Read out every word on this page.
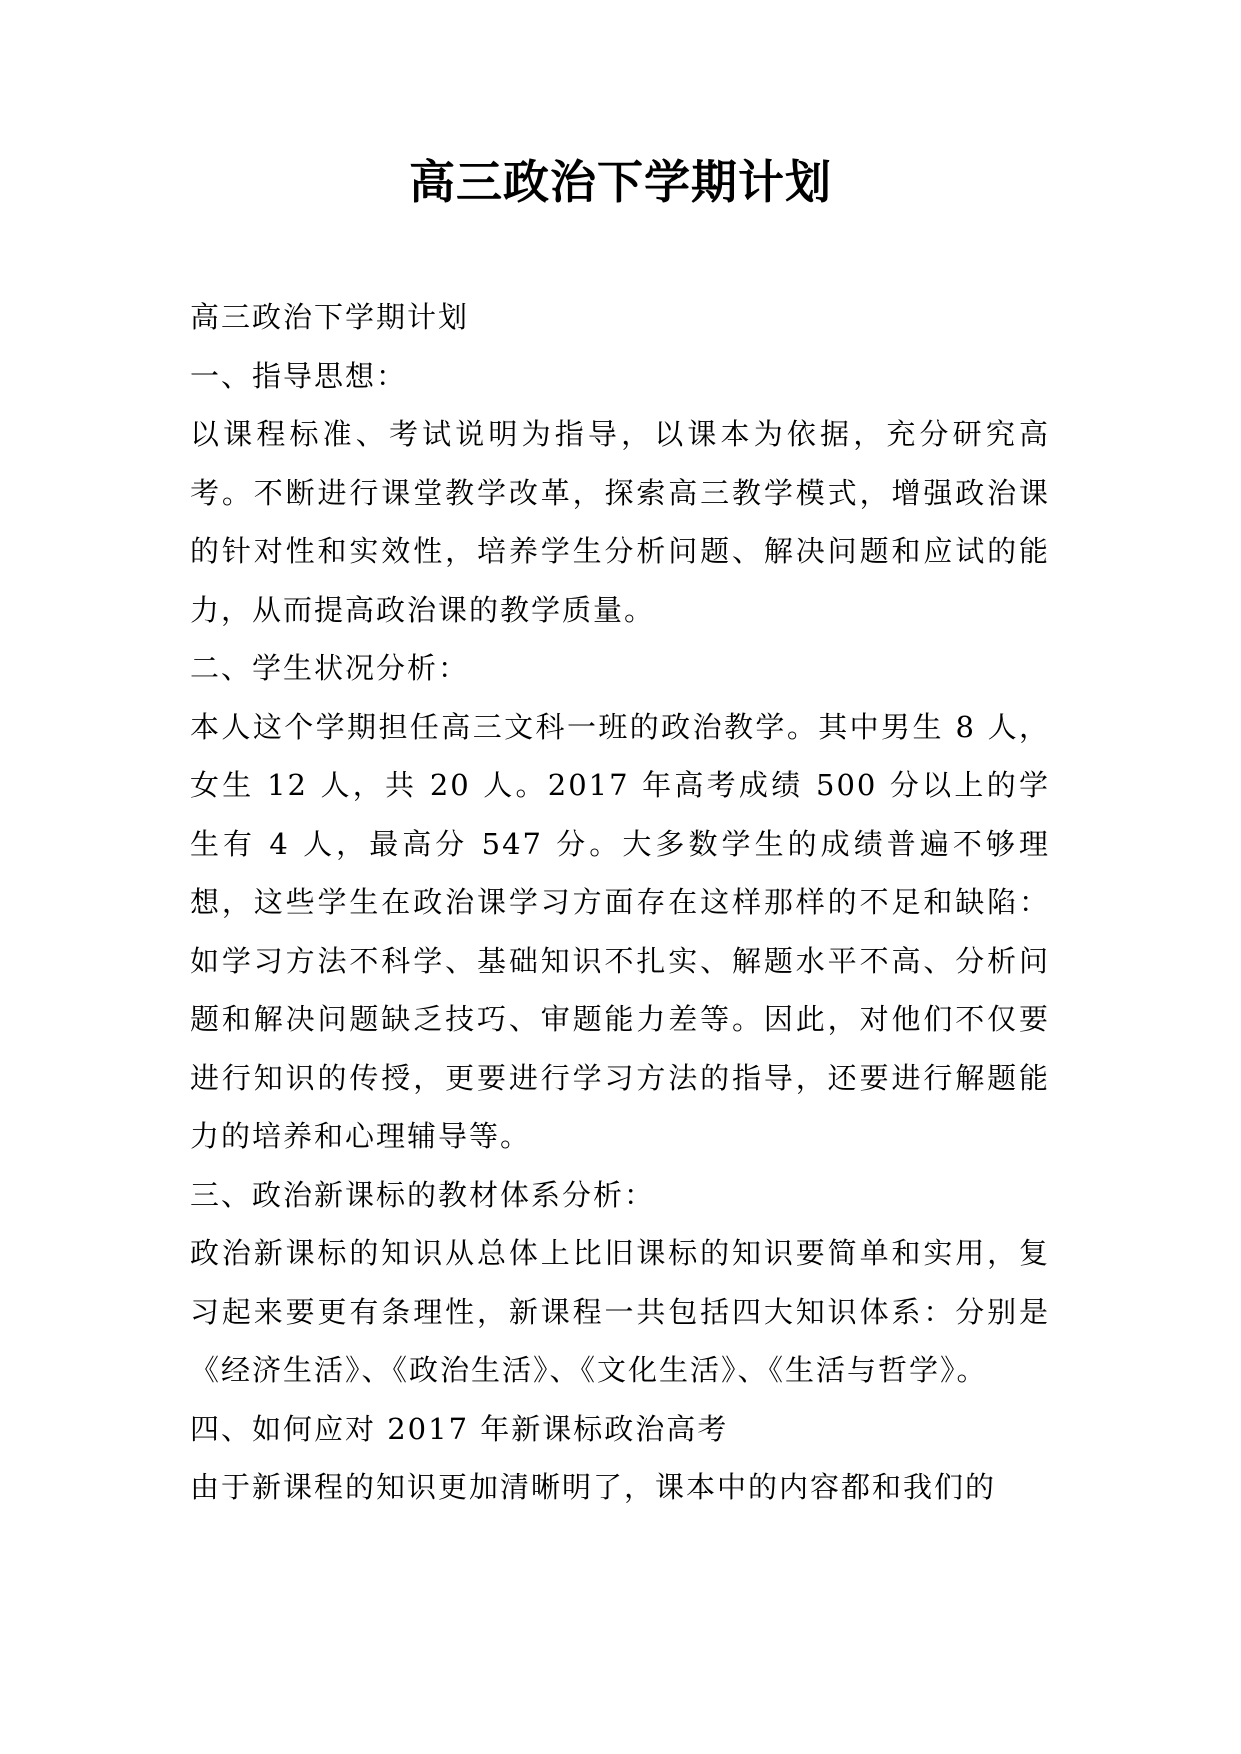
高三政治下学期计划

高三政治下学期计划

一、指导思想：

以课程标准、考试说明为指导，以课本为依据，充分研究高考。不断进行课堂教学改革，探索高三教学模式，增强政治课的针对性和实效性，培养学生分析问题、解决问题和应试的能力，从而提高政治课的教学质量。

二、学生状况分析：

本人这个学期担任高三文科一班的政治教学。其中男生 8 人，女生 12 人，共 20 人。2017 年高考成绩 500 分以上的学生有 4 人，最高分 547 分。大多数学生的成绩普遍不够理想，这些学生在政治课学习方面存在这样那样的不足和缺陷：如学习方法不科学、基础知识不扎实、解题水平不高、分析问题和解决问题缺乏技巧、审题能力差等。因此，对他们不仅要进行知识的传授，更要进行学习方法的指导，还要进行解题能力的培养和心理辅导等。

三、政治新课标的教材体系分析：

政治新课标的知识从总体上比旧课标的知识要简单和实用，复习起来要更有条理性，新课程一共包括四大知识体系：分别是《经济生活》、《政治生活》、《文化生活》、《生活与哲学》。

四、如何应对 2017 年新课标政治高考

由于新课程的知识更加清晰明了，课本中的内容都和我们的
